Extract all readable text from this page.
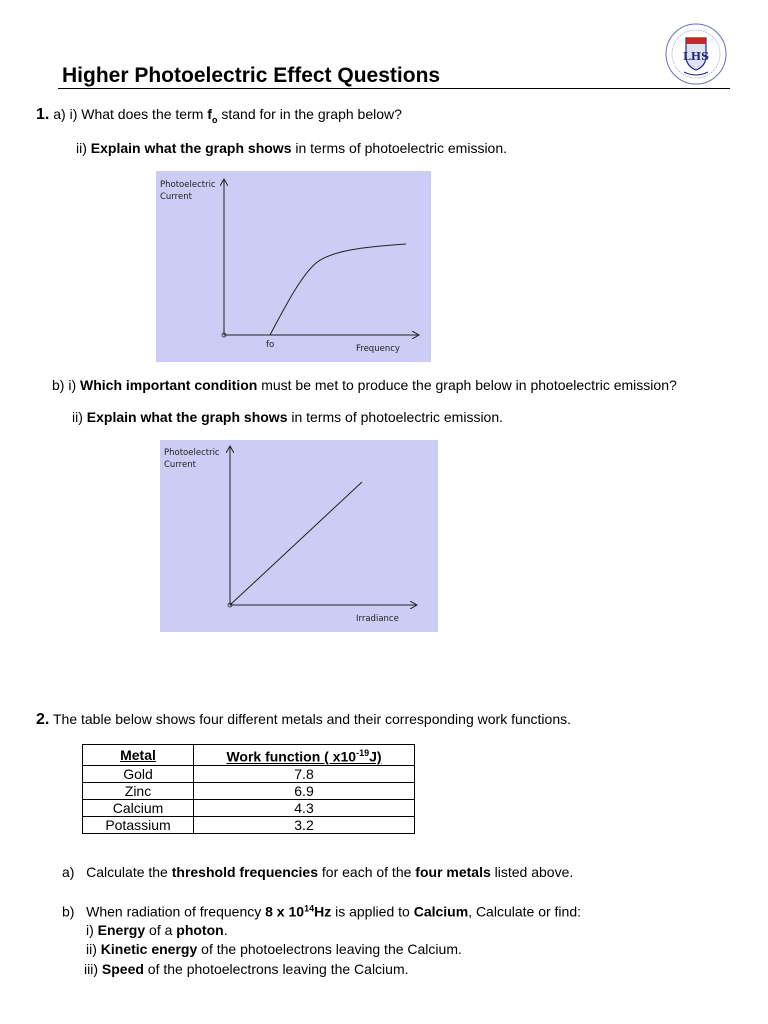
Higher Photoelectric Effect Questions
LHS
1. a) i) What does the term $f_o$ stand for in the graph below?
ii) Explain what the graph shows in terms of photoelectric emission.
Photoelectric
Current
fo	Frequency
b) i) Which important condition must be met to produce the graph below in photoelectric emission?
ii) Explain what the graph shows in terms of photoelectric emission.
Photoelectric
Current
Irradiance
2. The table below shows four different metals and their corresponding work functions.
Metal	Work function ( $x10^{-19}J$)
Gold	7.8
Zinc	6.9
Calcium	4.3
Potassium	3.2
a) Calculate the threshold frequencies for each of the four metals listed above.
b) When radiation of frequency 8 x $10^{14}Hz$ is applied to Calcium, Calculate or find:
i) Energy of a photon.
ii) Kinetic energy of the photoelectrons leaving the Calcium.
iii) Speed of the photoelectrons leaving the Calcium.
